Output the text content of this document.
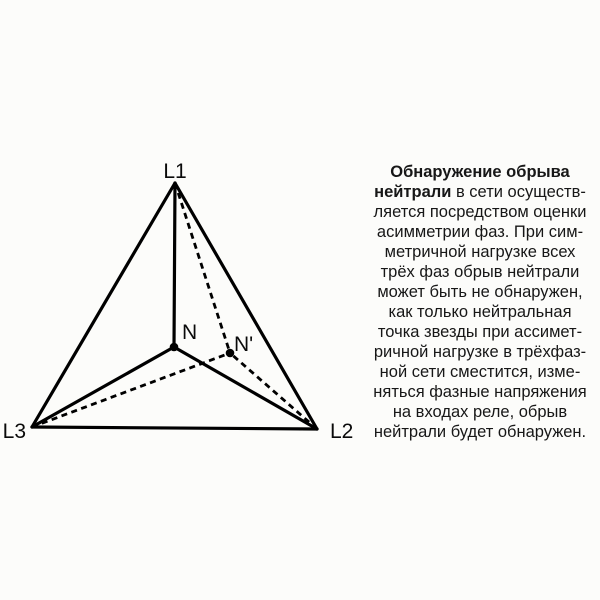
L1
L3	L2
N
N'
Обнаружение обрыва
нейтрали в сети осуществ-
ляется посредством оценки
асимметрии фаз. При сим-
метричной нагрузке всех
трёх фаз обрыв нейтрали
может быть не обнаружен,
как только нейтральная
точка звезды при ассимет-
ричной нагрузке в трёхфаз-
ной сети сместится, изме-
няться фазные напряжения
на входах реле, обрыв
нейтрали будет обнаружен.
